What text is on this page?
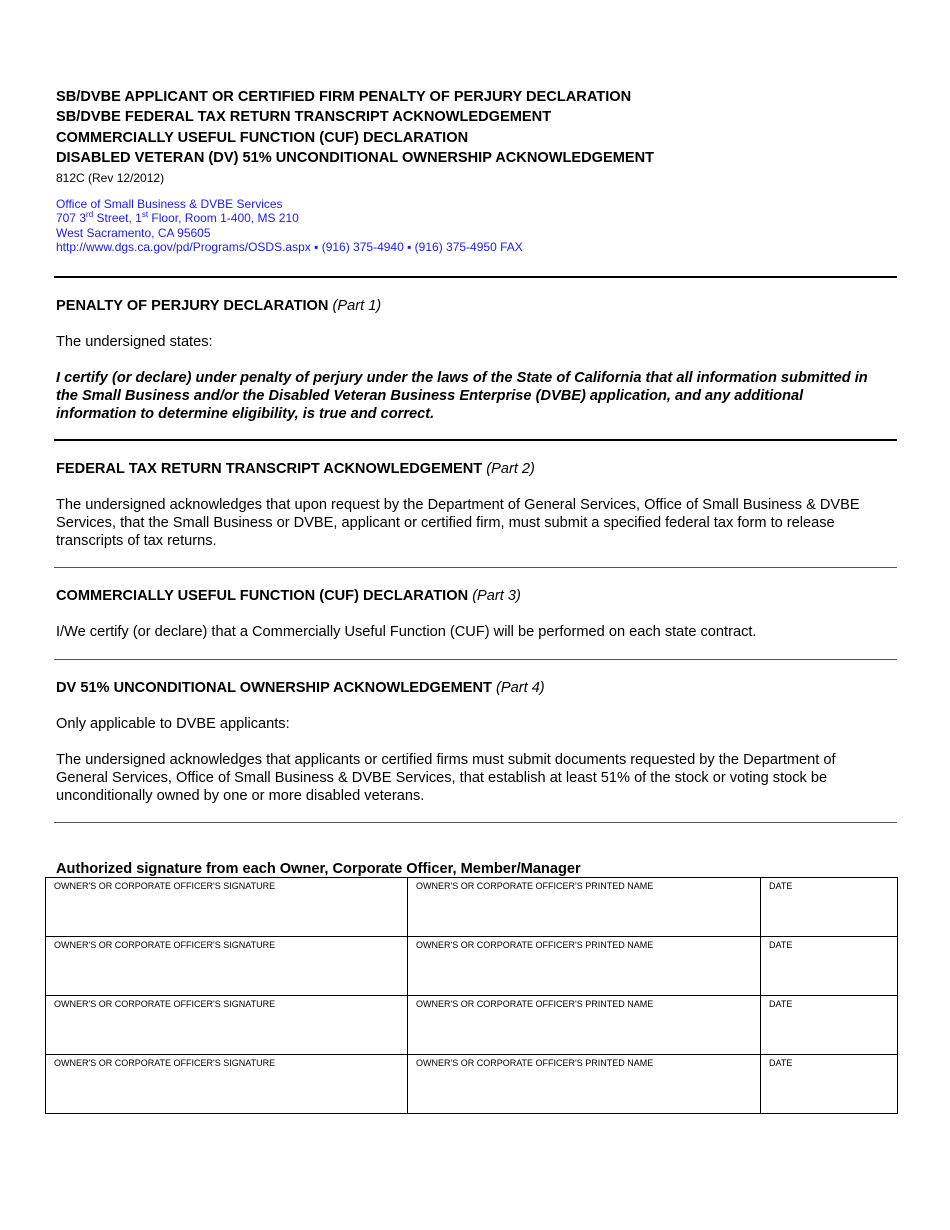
SB/DVBE APPLICANT OR CERTIFIED FIRM PENALTY OF PERJURY DECLARATION
SB/DVBE FEDERAL TAX RETURN TRANSCRIPT ACKNOWLEDGEMENT
COMMERCIALLY USEFUL FUNCTION (CUF) DECLARATION
DISABLED VETERAN (DV) 51% UNCONDITIONAL OWNERSHIP ACKNOWLEDGEMENT
812C (Rev 12/2012)
Office of Small Business & DVBE Services
707 3rd Street, 1st Floor, Room 1-400, MS 210
West Sacramento, CA 95605
http://www.dgs.ca.gov/pd/Programs/OSDS.aspx ▪ (916) 375-4940 ▪ (916) 375-4950 FAX
PENALTY OF PERJURY DECLARATION (Part 1)
The undersigned states:
I certify (or declare) under penalty of perjury under the laws of the State of California that all information submitted in the Small Business and/or the Disabled Veteran Business Enterprise (DVBE) application, and any additional information to determine eligibility, is true and correct.
FEDERAL TAX RETURN TRANSCRIPT ACKNOWLEDGEMENT (Part 2)
The undersigned acknowledges that upon request by the Department of General Services, Office of Small Business & DVBE Services, that the Small Business or DVBE, applicant or certified firm, must submit a specified federal tax form to release transcripts of tax returns.
COMMERCIALLY USEFUL FUNCTION (CUF) DECLARATION (Part 3)
I/We certify (or declare) that a Commercially Useful Function (CUF) will be performed on each state contract.
DV 51% UNCONDITIONAL OWNERSHIP ACKNOWLEDGEMENT (Part 4)
Only applicable to DVBE applicants:
The undersigned acknowledges that applicants or certified firms must submit documents requested by the Department of General Services, Office of Small Business & DVBE Services, that establish at least 51% of the stock or voting stock be unconditionally owned by one or more disabled veterans.
Authorized signature from each Owner, Corporate Officer, Member/Manager
OWNER'S OR CORPORATE OFFICER'S SIGNATURE	OWNER'S OR CORPORATE OFFICER'S PRINTED NAME	DATE
OWNER'S OR CORPORATE OFFICER'S SIGNATURE	OWNER'S OR CORPORATE OFFICER'S PRINTED NAME	DATE
OWNER'S OR CORPORATE OFFICER'S SIGNATURE	OWNER'S OR CORPORATE OFFICER'S PRINTED NAME	DATE
OWNER'S OR CORPORATE OFFICER'S SIGNATURE	OWNER'S OR CORPORATE OFFICER'S PRINTED NAME	DATE
